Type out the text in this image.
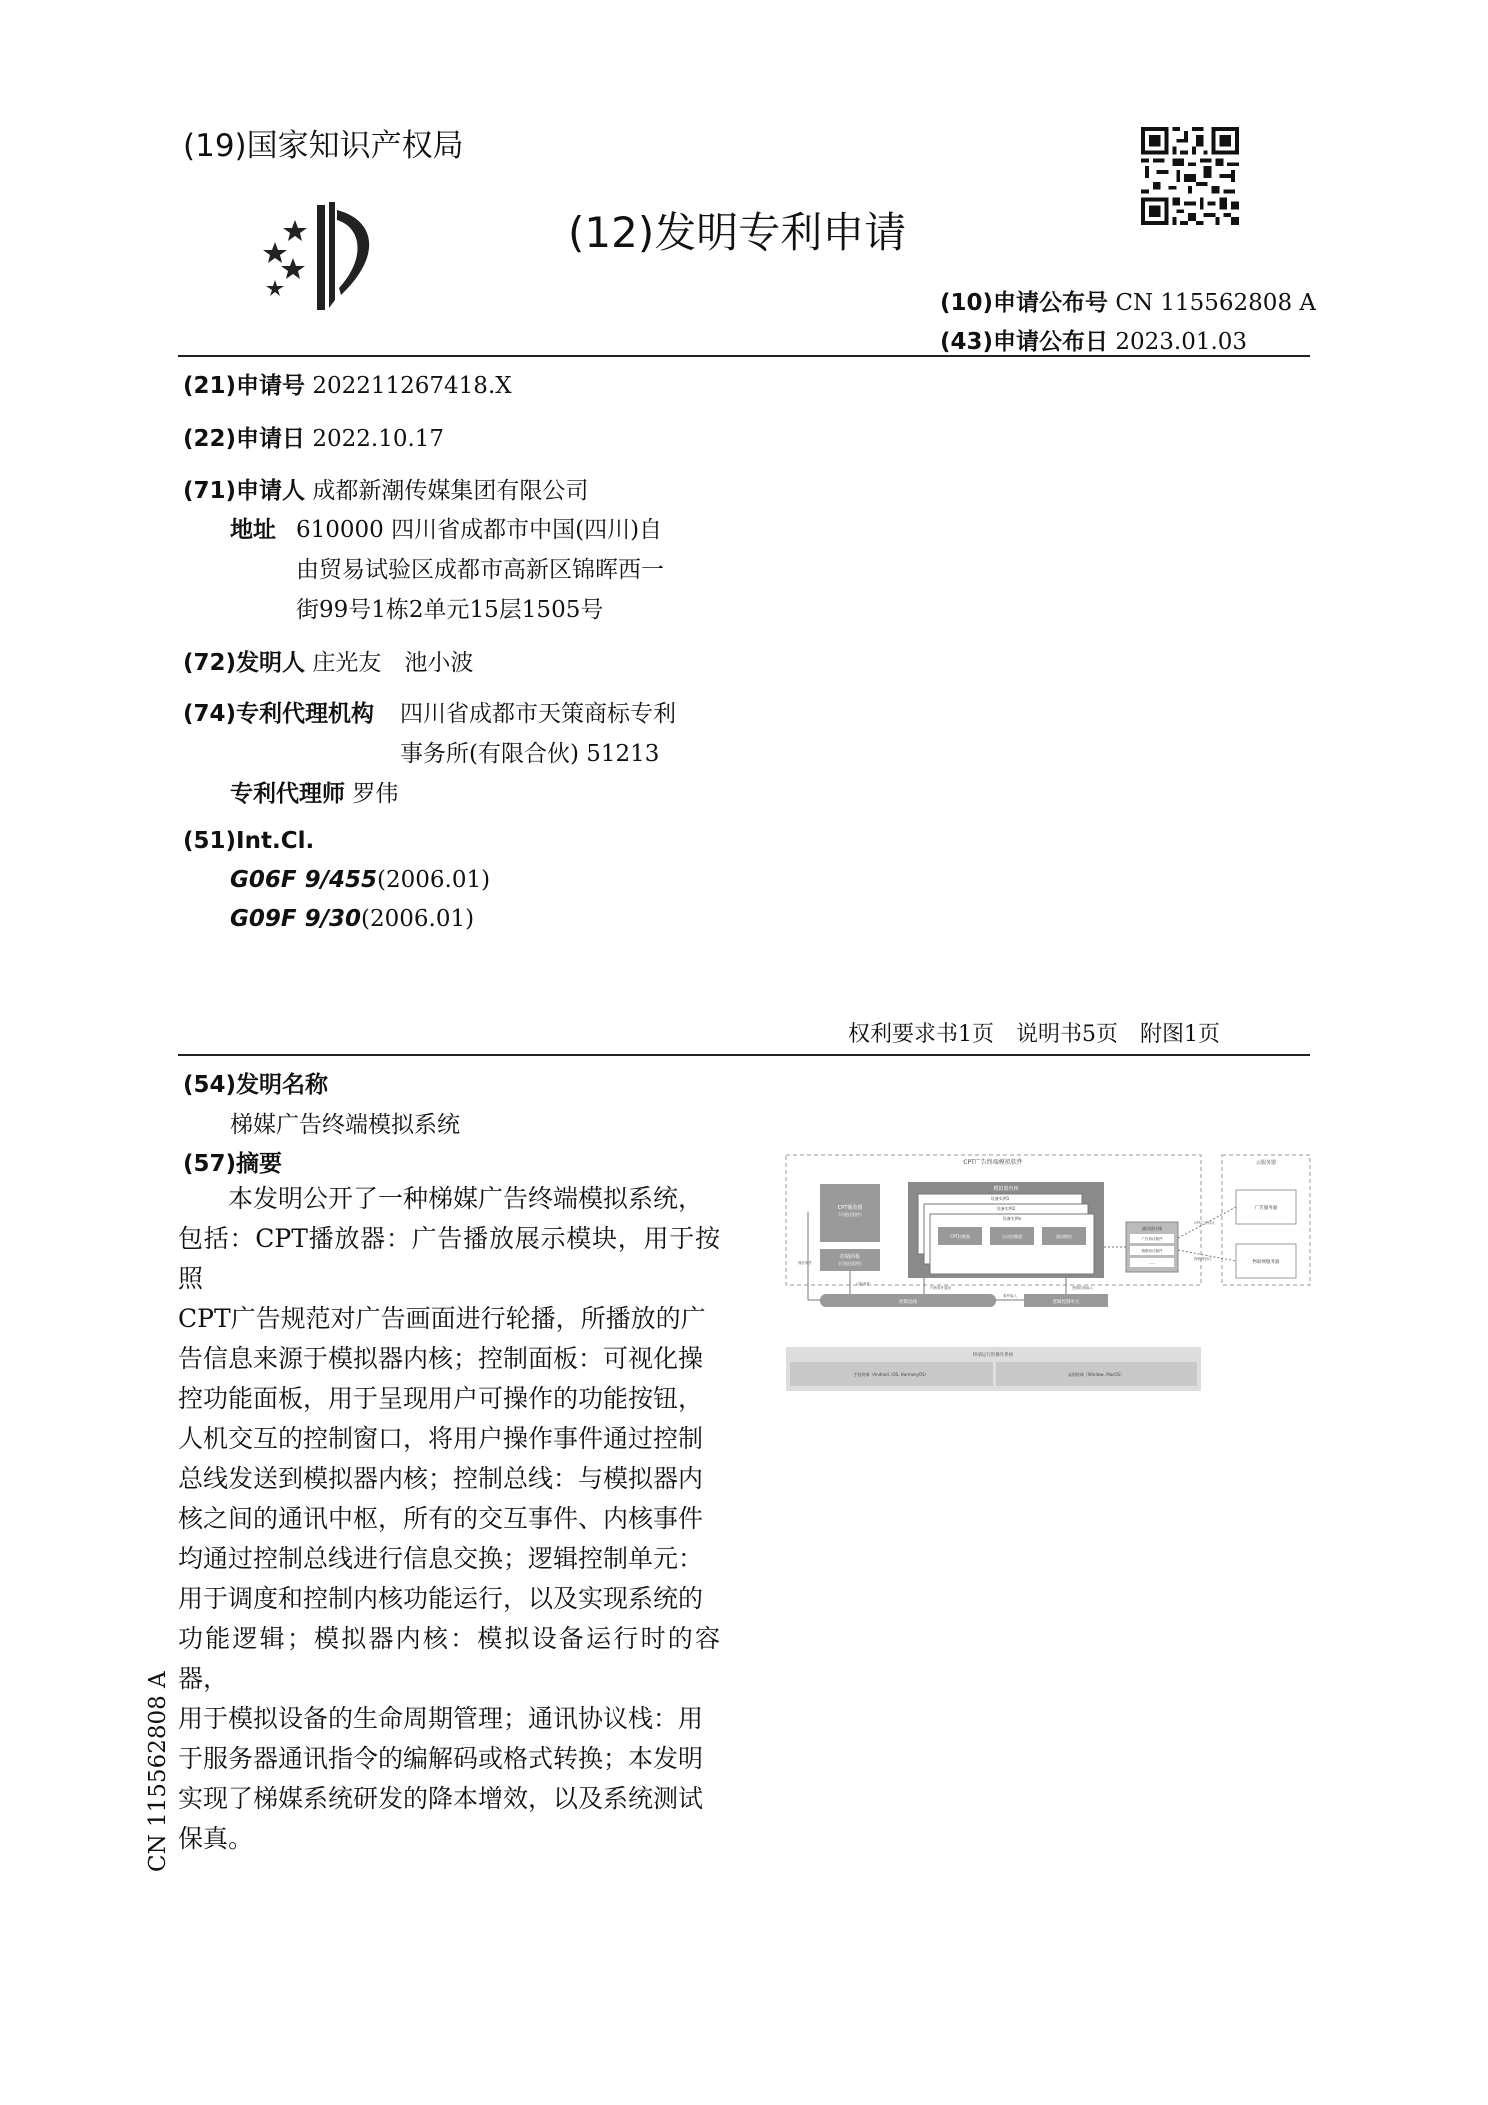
(19)国家知识产权局
(12)发明专利申请
(10)申请公布号 CN 115562808 A
(43)申请公布日 2023.01.03
(21)申请号 202211267418.X
(22)申请日 2022.10.17
(71)申请人 成都新潮传媒集团有限公司
地址 610000 四川省成都市中国(四川)自
由贸易试验区成都市高新区锦晖西一
街99号1栋2单元15层1505号
(72)发明人 庄光友　池小波
(74)专利代理机构 四川省成都市天策商标专利
事务所(有限合伙) 51213
专利代理师 罗伟
(51)Int.Cl.
G06F 9/455(2006.01)
G09F 9/30(2006.01)
权利要求书1页　说明书5页　附图1页
(54)发明名称
梯媒广告终端模拟系统
(57)摘要

本发明公开了一种梯媒广告终端模拟系统，

包括：CPT播放器：广告播放展示模块，用于按照

CPT广告规范对广告画面进行轮播，所播放的广

告信息来源于模拟器内核；控制面板：可视化操

控功能面板，用于呈现用户可操作的功能按钮，

人机交互的控制窗口，将用户操作事件通过控制

总线发送到模拟器内核；控制总线：与模拟器内

核之间的通讯中枢，所有的交互事件、内核事件

均通过控制总线进行信息交换；逻辑控制单元：

用于调度和控制内核功能运行，以及实现系统的

功能逻辑；模拟器内核：模拟设备运行时的容器，

用于模拟设备的生命周期管理；通讯协议栈：用

于服务器通讯指令的编解码或格式转换；本发明

实现了梯媒系统研发的降本增效，以及系统测试

保真。

CN 115562808 A
CPT广告终端模拟软件
CPT播放器
(可视化组件)
控制面板
(可视化组件)
模拟器内核
设备实例1
设备实例2
设备实例n
CPT控制器	自动控制器	通讯模块
通讯协议栈
广告协议插件
物联协议插件
……
控制总线	逻辑控制单元
事件输入
操控事件
功能事件
内核事件通知	逻辑控制输入
云服务器
广告服务器
物联网服务器
CPT广告协议
物联网协议
终端运行的操作系统
手机终端（Android, iOS, HarmonyOS）	桌面终端（Window, MacOS）
